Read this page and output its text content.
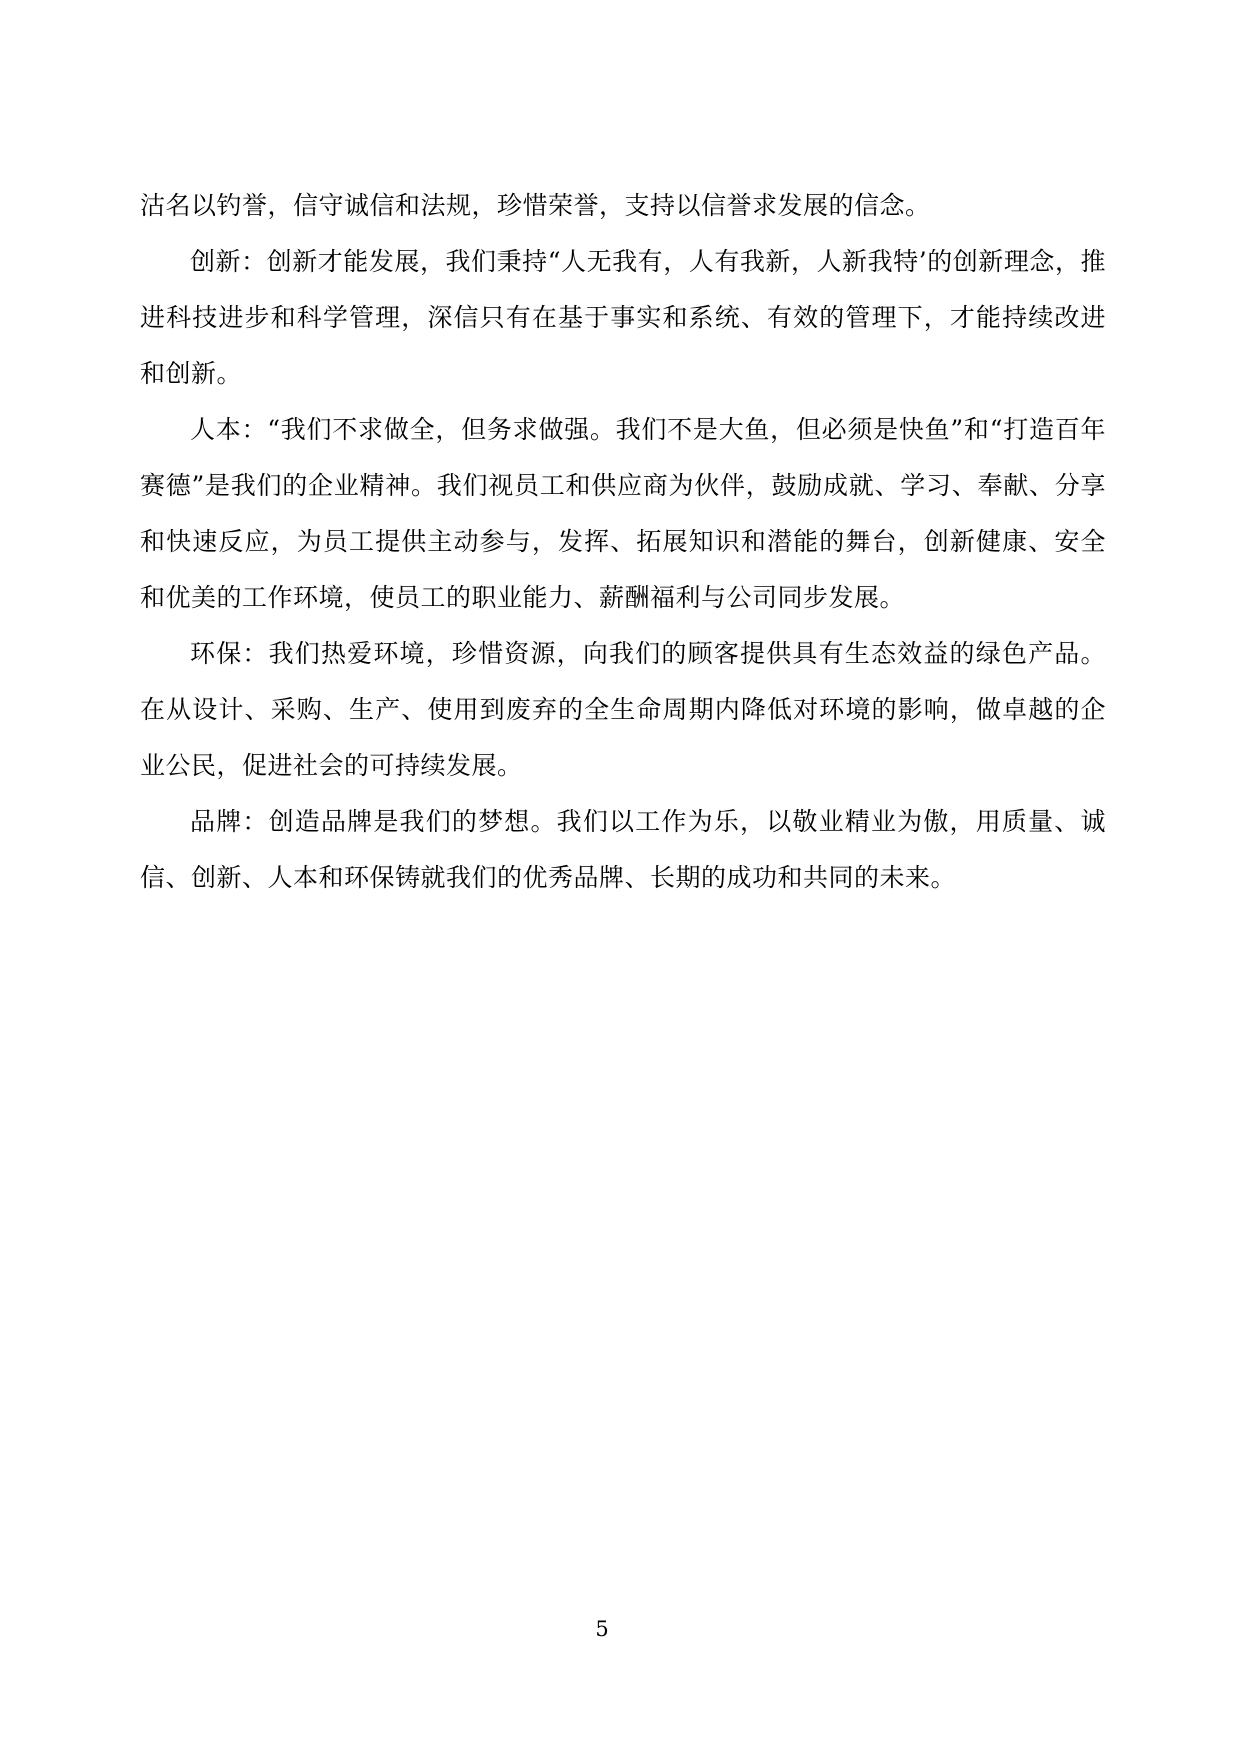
沽名以钓誉，信守诚信和法规，珍惜荣誉，支持以信誉求发展的信念。

创新：创新才能发展，我们秉持“人无我有，人有我新，人新我特’的创新理念，推进科技进步和科学管理，深信只有在基于事实和系统、有效的管理下，才能持续改进和创新。

人本：“我们不求做全，但务求做强。我们不是大鱼，但必须是快鱼”和“打造百年赛德”是我们的企业精神。我们视员工和供应商为伙伴，鼓励成就、学习、奉献、分享和快速反应，为员工提供主动参与，发挥、拓展知识和潜能的舞台，创新健康、安全和优美的工作环境，使员工的职业能力、薪酬福利与公司同步发展。

环保：我们热爱环境，珍惜资源，向我们的顾客提供具有生态效益的绿色产品。在从设计、采购、生产、使用到废弃的全生命周期内降低对环境的影响，做卓越的企业公民，促进社会的可持续发展。

品牌：创造品牌是我们的梦想。我们以工作为乐，以敬业精业为傲，用质量、诚信、创新、人本和环保铸就我们的优秀品牌、长期的成功和共同的未来。

5
